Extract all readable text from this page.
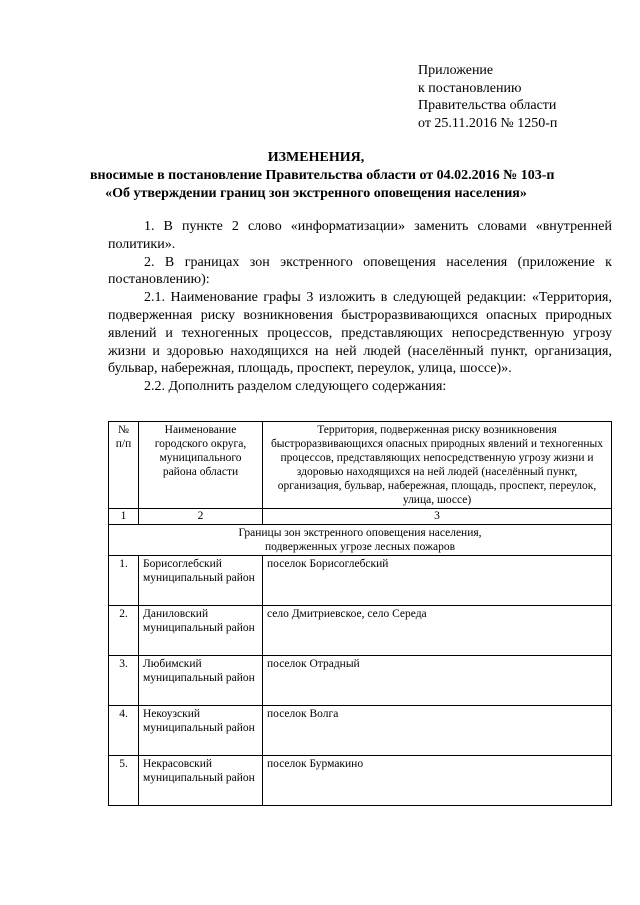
Приложение
к постановлению
Правительства области
от 25.11.2016 № 1250-п
ИЗМЕНЕНИЯ,
вносимые в постановление Правительства области от 04.02.2016 № 103-п
«Об утверждении границ зон экстренного оповещения населения»

1. В пункте 2 слово «информатизации» заменить словами «внутренней политики».

2. В границах зон экстренного оповещения населения (приложение к постановлению):

2.1. Наименование графы 3 изложить в следующей редакции: «Территория, подверженная риску возникновения быстроразвивающихся опасных природных явлений и техногенных процессов, представляющих непосредственную угрозу жизни и здоровью находящихся на ней людей (населённый пункт, организация, бульвар, набережная, площадь, проспект, переулок, улица, шоссе)».

2.2. Дополнить разделом следующего содержания:

№ п/п	Наименование городского округа, муниципального района области	Территория, подверженная риску возникновения быстроразвивающихся опасных природных явлений и техногенных процессов, представляющих непосредственную угрозу жизни и здоровью находящихся на ней людей (населённый пункт, организация, бульвар, набережная, площадь, проспект, переулок, улица, шоссе)
1	2	3

Границы зон экстренного оповещения населения,
подверженных угрозе лесных пожаров		

1.	Борисоглебский муниципальный район	поселок Борисоглебский
2.	Даниловский муниципальный район	село Дмитриевское, село Середа
3.	Любимский муниципальный район	поселок Отрадный
4.	Некоузский муниципальный район	поселок Волга
5.	Некрасовский муниципальный район	поселок Бурмакино
